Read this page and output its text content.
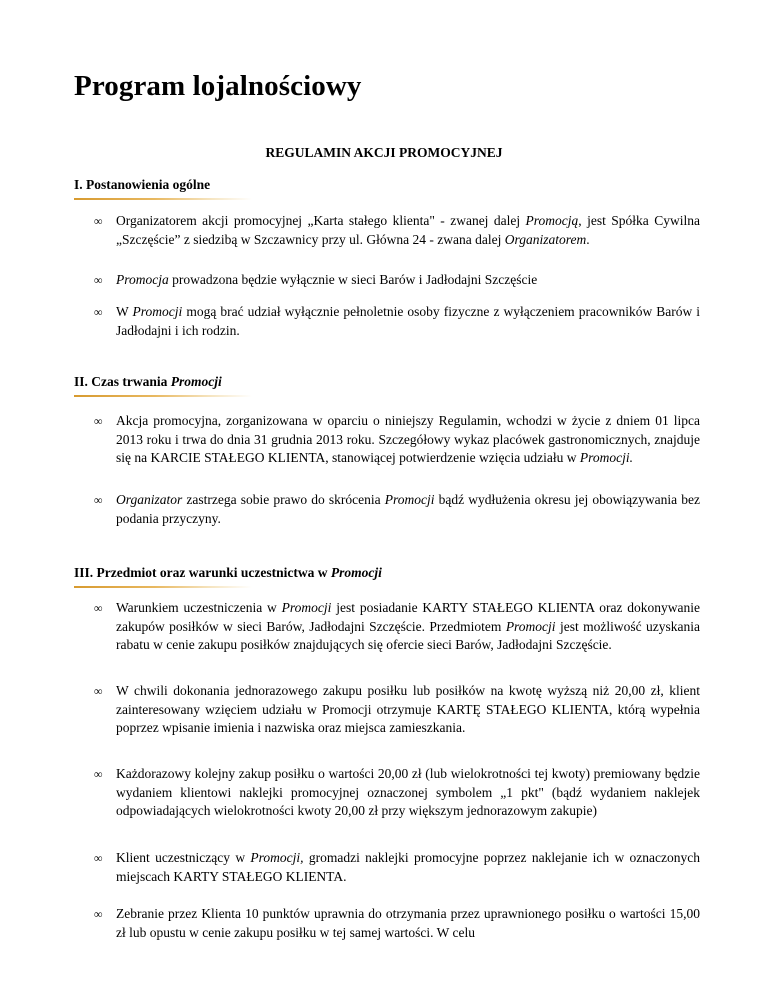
Program lojalnościowy
REGULAMIN AKCJI PROMOCYJNEJ
I. Postanowienia ogólne
∞ Organizatorem akcji promocyjnej „Karta stałego klienta" - zwanej dalej Promocją, jest Spółka Cywilna „Szczęście” z siedzibą w Szczawnicy przy ul. Główna 24 - zwana dalej Organizatorem.
∞ Promocja prowadzona będzie wyłącznie w sieci Barów i Jadłodajni Szczęście
∞ W Promocji mogą brać udział wyłącznie pełnoletnie osoby fizyczne z wyłączeniem pracowników Barów i Jadłodajni i ich rodzin.
II. Czas trwania Promocji
∞ Akcja promocyjna, zorganizowana w oparciu o niniejszy Regulamin, wchodzi w życie z dniem 01 lipca 2013 roku i trwa do dnia 31 grudnia 2013 roku. Szczegółowy wykaz placówek gastronomicznych, znajduje się na KARCIE STAŁEGO KLIENTA, stanowiącej potwierdzenie wzięcia udziału w Promocji.
∞ Organizator zastrzega sobie prawo do skrócenia Promocji bądź wydłużenia okresu jej obowiązywania bez podania przyczyny.
III. Przedmiot oraz warunki uczestnictwa w Promocji
∞ Warunkiem uczestniczenia w Promocji jest posiadanie KARTY STAŁEGO KLIENTA oraz dokonywanie zakupów posiłków w sieci Barów, Jadłodajni Szczęście. Przedmiotem Promocji jest możliwość uzyskania rabatu w cenie zakupu posiłków znajdujących się ofercie sieci Barów, Jadłodajni Szczęście.
∞ W chwili dokonania jednorazowego zakupu posiłku lub posiłków na kwotę wyższą niż 20,00 zł, klient zainteresowany wzięciem udziału w Promocji otrzymuje KARTĘ STAŁEGO KLIENTA, którą wypełnia poprzez wpisanie imienia i nazwiska oraz miejsca zamieszkania.
∞ Każdorazowy kolejny zakup posiłku o wartości 20,00 zł (lub wielokrotności tej kwoty) premiowany będzie wydaniem klientowi naklejki promocyjnej oznaczonej symbolem „1 pkt" (bądź wydaniem naklejek odpowiadających wielokrotności kwoty 20,00 zł przy większym jednorazowym zakupie)
∞ Klient uczestniczący w Promocji, gromadzi naklejki promocyjne poprzez naklejanie ich w oznaczonych miejscach KARTY STAŁEGO KLIENTA.
∞ Zebranie przez Klienta 10 punktów uprawnia do otrzymania przez uprawnionego posiłku o wartości 15,00 zł lub opustu w cenie zakupu posiłku w tej samej wartości. W celu
